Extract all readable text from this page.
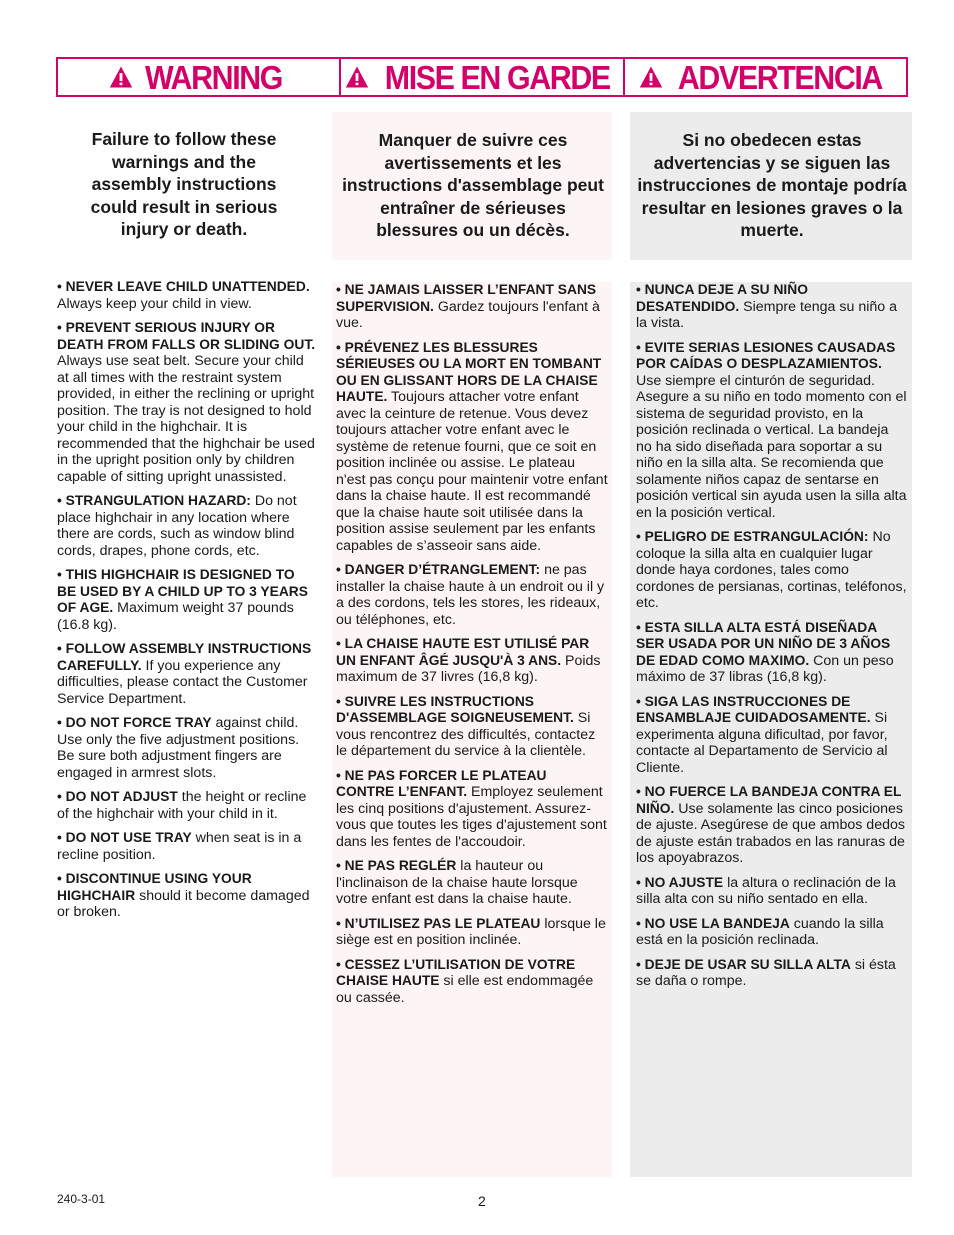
WARNING	MISE EN GARDE ADVERTENCIA
Failure to follow these warnings and the assembly instructions could result in serious injury or death.
Manquer de suivre ces avertissements et les instructions d'assemblage peut entraîner de sérieuses blessures ou un décès.
Si no obedecen estas advertencias y se siguen las instrucciones de montaje podría resultar en lesiones graves o la muerte.

• NEVER LEAVE CHILD UNATTENDED. Always keep your child in view.

• PREVENT SERIOUS INJURY OR DEATH FROM FALLS OR SLIDING OUT. Always use seat belt. Secure your child at all times with the restraint system provided, in either the reclining or upright position. The tray is not designed to hold your child in the highchair. It is recommended that the highchair be used in the upright position only by children capable of sitting upright unassisted.

• STRANGULATION HAZARD: Do not place highchair in any location where there are cords, such as window blind cords, drapes, phone cords, etc.

• THIS HIGHCHAIR IS DESIGNED TO BE USED BY A CHILD UP TO 3 YEARS OF AGE. Maximum weight 37 pounds (16.8 kg).

• FOLLOW ASSEMBLY INSTRUCTIONS CAREFULLY. If you experience any difficulties, please contact the Customer Service Department.

• DO NOT FORCE TRAY against child. Use only the five adjustment positions. Be sure both adjustment fingers are engaged in armrest slots.

• DO NOT ADJUST the height or recline of the highchair with your child in it.

• DO NOT USE TRAY when seat is in a recline position.

• DISCONTINUE USING YOUR HIGHCHAIR should it become damaged or broken.

• NE JAMAIS LAISSER L’ENFANT SANS SUPERVISION. Gardez toujours l'enfant à vue.

• PRÉVENEZ LES BLESSURES SÉRIEUSES OU LA MORT EN TOMBANT OU EN GLISSANT HORS DE LA CHAISE HAUTE. Toujours attacher votre enfant avec la ceinture de retenue. Vous devez toujours attacher votre enfant avec le système de retenue fourni, que ce soit en position inclinée ou assise. Le plateau n'est pas conçu pour maintenir votre enfant dans la chaise haute. Il est recommandé que la chaise haute soit utilisée dans la position assise seulement par les enfants capables de s’asseoir sans aide.

• DANGER D’ÉTRANGLEMENT: ne pas installer la chaise haute à un endroit ou il y a des cordons, tels les stores, les rideaux, ou téléphones, etc.

• LA CHAISE HAUTE EST UTILISÉ PAR UN ENFANT ÂGÉ JUSQU'À 3 ANS. Poids maximum de 37 livres (16,8 kg).

• SUIVRE LES INSTRUCTIONS D'ASSEMBLAGE SOIGNEUSEMENT. Si vous rencontrez des difficultés, contactez le département du service à la clientèle.

• NE PAS FORCER LE PLATEAU CONTRE L’ENFANT. Employez seulement les cinq positions d'ajustement. Assurez-vous que toutes les tiges d'ajustement sont dans les fentes de l'accoudoir.

• NE PAS REGLÉR la hauteur ou l'inclinaison de la chaise haute lorsque votre enfant est dans la chaise haute.

• N’UTILISEZ PAS LE PLATEAU lorsque le siège est en position inclinée.

• CESSEZ L’UTILISATION DE VOTRE CHAISE HAUTE si elle est endommagée ou cassée.

• NUNCA DEJE A SU NIÑO DESATENDIDO. Siempre tenga su niño a la vista.

• EVITE SERIAS LESIONES CAUSADAS POR CAÍDAS O DESPLAZAMIENTOS. Use siempre el cinturón de seguridad. Asegure a su niño en todo momento con el sistema de seguridad provisto, en la posición reclinada o vertical. La bandeja no ha sido diseñada para soportar a su niño en la silla alta. Se recomienda que solamente niños capaz de sentarse en posición vertical sin ayuda usen la silla alta en la posición vertical.

• PELIGRO DE ESTRANGULACIÓN: No coloque la silla alta en cualquier lugar donde haya cordones, tales como cordones de persianas, cortinas, teléfonos, etc.

• ESTA SILLA ALTA ESTÁ DISEÑADA SER USADA POR UN NIÑO DE 3 AÑOS DE EDAD COMO MAXIMO. Con un peso máximo de 37 libras (16,8 kg).

• SIGA LAS INSTRUCCIONES DE ENSAMBLAJE CUIDADOSAMENTE. Si experimenta alguna dificultad, por favor, contacte al Departamento de Servicio al Cliente.

• NO FUERCE LA BANDEJA CONTRA EL NIÑO. Use solamente las cinco posiciones de ajuste. Asegúrese de que ambos dedos de ajuste están trabados en las ranuras de los apoyabrazos.

• NO AJUSTE la altura o reclinación de la silla alta con su niño sentado en ella.

• NO USE LA BANDEJA cuando la silla está en la posición reclinada.

• DEJE DE USAR SU SILLA ALTA si ésta se daña o rompe.

240-3-01	2
